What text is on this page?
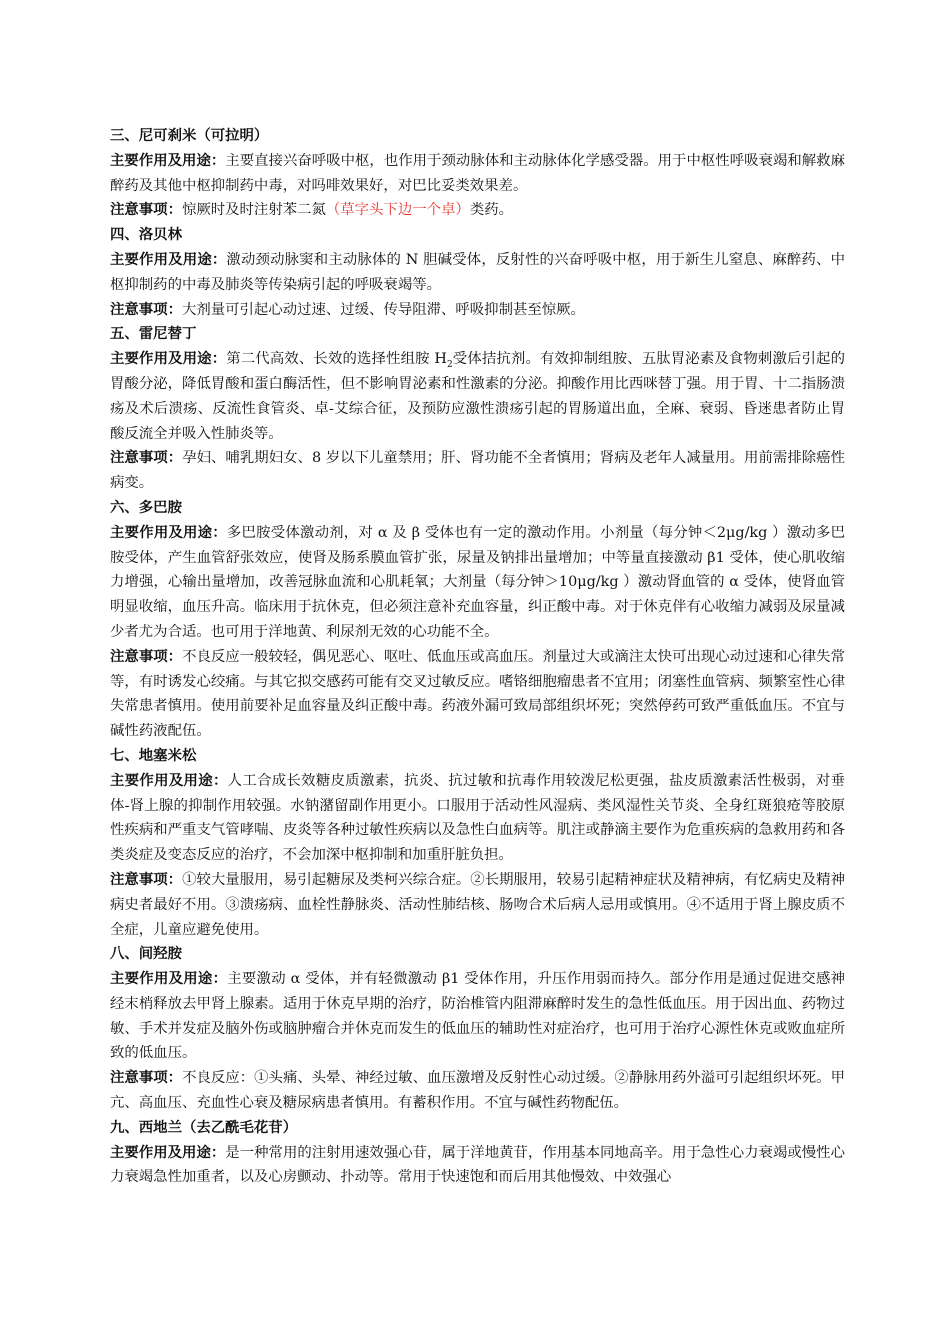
三、尼可刹米（可拉明）

主要作用及用途：主要直接兴奋呼吸中枢，也作用于颈动脉体和主动脉体化学感受器。用于中枢性呼吸衰竭和解救麻醉药及其他中枢抑制药中毒，对吗啡效果好，对巴比妥类效果差。

注意事项：惊厥时及时注射苯二氮（草字头下边一个卓）类药。

四、洛贝林

主要作用及用途：激动颈动脉窦和主动脉体的 N 胆碱受体，反射性的兴奋呼吸中枢，用于新生儿窒息、麻醉药、中枢抑制药的中毒及肺炎等传染病引起的呼吸衰竭等。

注意事项：大剂量可引起心动过速、过缓、传导阻滞、呼吸抑制甚至惊厥。

五、雷尼替丁

主要作用及用途：第二代高效、长效的选择性组胺 $H_2$受体拮抗剂。有效抑制组胺、五肽胃泌素及食物刺激后引起的胃酸分泌，降低胃酸和蛋白酶活性，但不影响胃泌素和性激素的分泌。抑酸作用比西咪替丁强。用于胃、十二指肠溃疡及术后溃疡、反流性食管炎、卓-艾综合征，及预防应激性溃疡引起的胃肠道出血，全麻、衰弱、昏迷患者防止胃酸反流全并吸入性肺炎等。

注意事项：孕妇、哺乳期妇女、8 岁以下儿童禁用；肝、肾功能不全者慎用；肾病及老年人减量用。用前需排除癌性病变。

六、多巴胺

主要作用及用途：多巴胺受体激动剂，对 α 及 β 受体也有一定的激动作用。小剂量（每分钟＜2μg/kg ）激动多巴胺受体，产生血管舒张效应，使肾及肠系膜血管扩张，尿量及钠排出量增加；中等量直接激动 β1 受体，使心肌收缩力增强，心输出量增加，改善冠脉血流和心肌耗氧；大剂量（每分钟＞10μg/kg ）激动肾血管的 α 受体，使肾血管明显收缩，血压升高。临床用于抗休克，但必须注意补充血容量，纠正酸中毒。对于休克伴有心收缩力减弱及尿量减少者尤为合适。也可用于洋地黄、利尿剂无效的心功能不全。

注意事项：不良反应一般较轻，偶见恶心、呕吐、低血压或高血压。剂量过大或滴注太快可出现心动过速和心律失常等，有时诱发心绞痛。与其它拟交感药可能有交叉过敏反应。嗜铬细胞瘤患者不宜用；闭塞性血管病、频繁室性心律失常患者慎用。使用前要补足血容量及纠正酸中毒。药液外漏可致局部组织坏死；突然停药可致严重低血压。不宜与碱性药液配伍。

七、地塞米松

主要作用及用途：人工合成长效糖皮质激素，抗炎、抗过敏和抗毒作用较泼尼松更强，盐皮质激素活性极弱，对垂体-肾上腺的抑制作用较强。水钠潴留副作用更小。口服用于活动性风湿病、类风湿性关节炎、全身红斑狼疮等胶原性疾病和严重支气管哮喘、皮炎等各种过敏性疾病以及急性白血病等。肌注或静滴主要作为危重疾病的急救用药和各类炎症及变态反应的治疗，不会加深中枢抑制和加重肝脏负担。

注意事项：①较大量服用，易引起糖尿及类柯兴综合症。②长期服用，较易引起精神症状及精神病，有忆病史及精神病史者最好不用。③溃疡病、血栓性静脉炎、活动性肺结核、肠吻合术后病人忌用或慎用。④不适用于肾上腺皮质不全症，儿童应避免使用。

八、间羟胺

主要作用及用途：主要激动 α 受体，并有轻微激动 β1 受体作用，升压作用弱而持久。部分作用是通过促进交感神经末梢释放去甲肾上腺素。适用于休克早期的治疗，防治椎管内阻滞麻醉时发生的急性低血压。用于因出血、药物过敏、手术并发症及脑外伤或脑肿瘤合并休克而发生的低血压的辅助性对症治疗，也可用于治疗心源性休克或败血症所致的低血压。

注意事项：不良反应：①头痛、头晕、神经过敏、血压激增及反射性心动过缓。②静脉用药外溢可引起组织坏死。甲亢、高血压、充血性心衰及糖尿病患者慎用。有蓄积作用。不宜与碱性药物配伍。

九、西地兰（去乙酰毛花苷）

主要作用及用途：是一种常用的注射用速效强心苷，属于洋地黄苷，作用基本同地高辛。用于急性心力衰竭或慢性心力衰竭急性加重者，以及心房颤动、扑动等。常用于快速饱和而后用其他慢效、中效强心
